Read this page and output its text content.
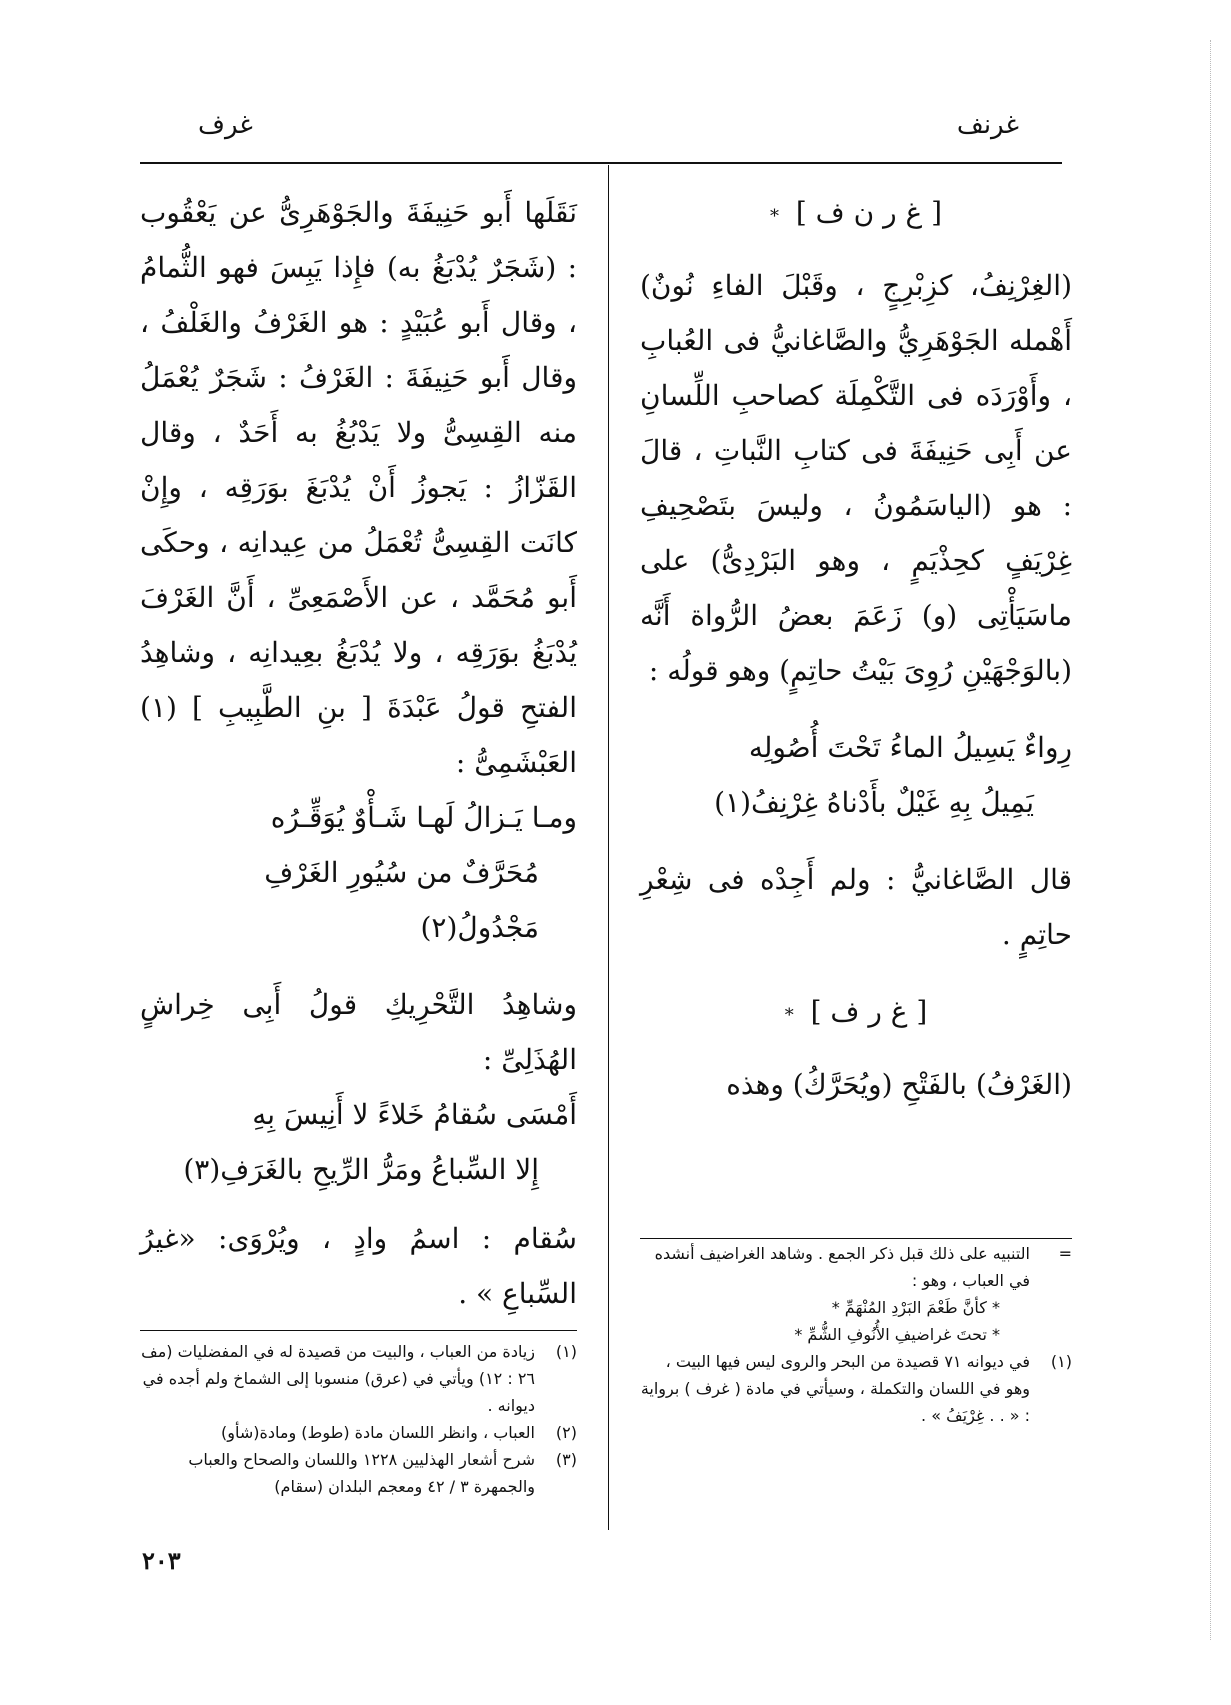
غرنف
غرف
[ غ ر ن ف ] *

(الغِرْنِفُ، كزِبْرِجٍ ، وقَبْلَ الفاءِ نُونٌ) أَهْمله الجَوْهَرِيُّ والصَّاغانيُّ فى العُبابِ ، وأَوْرَدَه فى التَّكْمِلَة كصاحبِ اللِّسانِ عن أَبِى حَنِيفَةَ فى كتابِ النَّباتِ ، قالَ : هو (الياسَمُونُ ، وليسَ بتَصْحِيفِ غِرْيَفٍ كحِذْيَمٍ ، وهو البَرْدِىُّ) على ماسَيَأْتِى (و) زَعَمَ بعضُ الرُّواة أَنَّه (بالوَجْهَيْنِ رُوِىَ بَيْتُ حاتِمٍ) وهو قولُه :

رِواءٌ يَسِيلُ الماءُ تَحْتَ أُصُولِه
يَمِيلُ بِهِ غَيْلٌ بأَدْناهُ غِرْنِفُ(١)

قال الصَّاغانيُّ : ولم أَجِدْه فى شِعْرِ حاتِمٍ .

[ غ ر ف ] *

(الغَرْفُ) بالفَتْحِ (ويُحَرَّكُ) وهذه

نَقَلَها أَبو حَنِيفَةَ والجَوْهَرِىُّ عن يَعْقُوب : (شَجَرٌ يُدْبَغُ به) فإِذا يَبِسَ فهو الثُّمامُ ، وقال أَبو عُبَيْدٍ : هو الغَرْفُ والغَلْفُ ، وقال أَبو حَنِيفَةَ : الغَرْفُ : شَجَرٌ يُعْمَلُ منه القِسِىُّ ولا يَدْبُغُ به أَحَدٌ ، وقال القَزّازُ : يَجوزُ أَنْ يُدْبَغَ بوَرَقِه ، وإِنْ كانَت القِسِىُّ تُعْمَلُ من عِيدانِه ، وحكَى أَبو مُحَمَّد ، عن الأَصْمَعِىِّ ، أَنَّ الغَرْفَ يُدْبَغُ بوَرَقِه ، ولا يُدْبَغُ بعِيدانِه ، وشاهِدُ الفتحِ قولُ عَبْدَةَ [ بنِ الطَّبِيبِ ] (١) العَبْشَمِىُّ :

ومـا يَـزالُ لَهـا شَـأْوٌ يُوَقِّـرُه
مُحَرَّفٌ من سُيُورِ الغَرْفِ مَجْدُولُ(٢)

وشاهِدُ التَّحْرِيكِ قولُ أَبِى خِراشٍ الهُذَلِىِّ :

أَمْسَى سُقامُ خَلاءً لا أَنِيسَ بِهِ
إِلا السِّباعُ ومَرُّ الرِّيحِ بالغَرَفِ(٣)

سُقام : اسمُ وادٍ ، ويُرْوَى: «غيرُ السِّباعِ » .

=
التنبيه على ذلك قبل ذكر الجمع . وشاهد الغراضيف أنشده في العباب ، وهو :
* كأنَّ طَعْمَ البَرْدِ المُنْهَمِّ *
* تحتَ غراضيفِ الأُنُوفِ الشُّمِّ *
(١)
في ديوانه ٧١ قصيدة من البحر والروى ليس فيها البيت ، وهو في اللسان والتكملة ، وسيأتي في مادة ( غرف ) برواية : « . . غِرْيَفُ » .
(١)
زيادة من العباب ، والبيت من قصيدة له في المفضليات (مف ٢٦ : ١٢) ويأتي في (عرق) منسوبا إلى الشماخ ولم أجده في ديوانه .
(٢)
العباب ، وانظر اللسان مادة (طوط) ومادة(شأو)
(٣)
شرح أشعار الهذليين ١٢٢٨ واللسان والصحاح والعباب والجمهرة ٣ / ٤٢ ومعجم البلدان (سقام)
٢٠٣
